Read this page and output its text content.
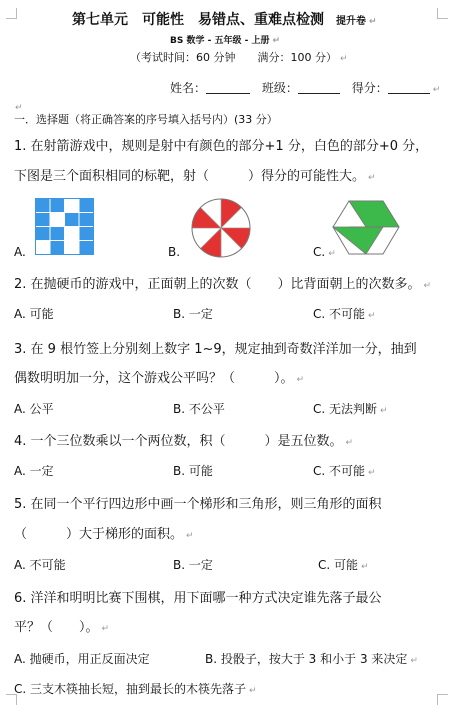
第七单元　可能性　易错点、重难点检测 提升卷 ↵
BS 数学 - 五年级 - 上册 ↵
（考试时间：60 分钟　　满分：100 分） ↵
姓名：	班级：	得分：	↵
↵
一．选择题（将正确答案的序号填入括号内）(33 分）
1. 在射箭游戏中，规则是射中有颜色的部分+1 分，白色的部分+0 分，
下图是三个面积相同的标靶，射（　　　）得分的可能性大。 ↵
A.	B.	C. ↵
2. 在抛硬币的游戏中，正面朝上的次数（　　）比背面朝上的次数多。 ↵
A. 可能	B. 一定	C. 不可能 ↵
3. 在 9 根竹签上分别刻上数字 1~9，规定抽到奇数洋洋加一分，抽到
偶数明明加一分，这个游戏公平吗？（　　　）。 ↵
A. 公平	B. 不公平	C. 无法判断 ↵
4. 一个三位数乘以一个两位数，积（　　　）是五位数。 ↵
A. 一定	B. 可能	C. 不可能 ↵
5. 在同一个平行四边形中画一个梯形和三角形，则三角形的面积
（　　　）大于梯形的面积。 ↵
A. 不可能	B. 一定	C. 可能 ↵
6. 洋洋和明明比赛下围棋，用下面哪一种方式决定谁先落子最公
平？（　　）。 ↵
A. 抛硬币，用正反面决定	B. 投骰子，按大于 3 和小于 3 来决定 ↵
C. 三支木筷抽长短，抽到最长的木筷先落子 ↵
